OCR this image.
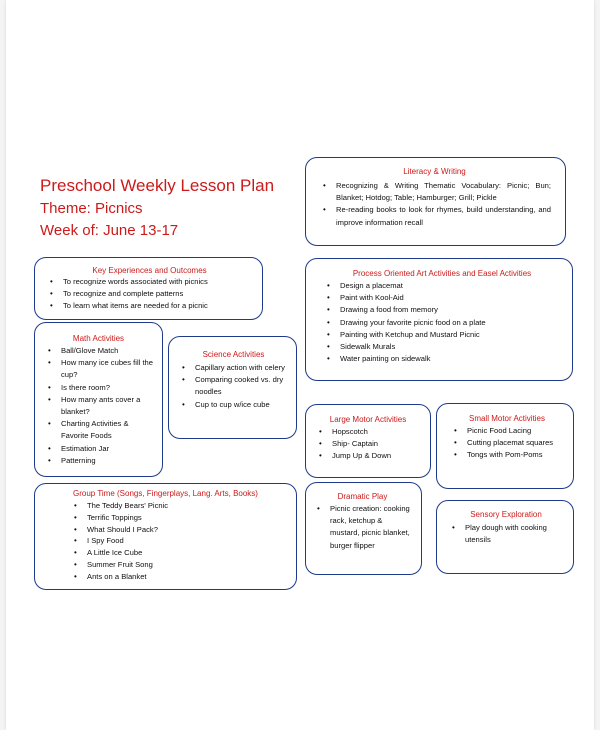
Preschool Weekly Lesson Plan
Theme: Picnics
Week of: June 13-17
Literacy & Writing
• Recognizing & Writing Thematic Vocabulary: Picnic; Bun; Blanket; Hotdog; Table; Hamburger; Grill; Pickle
• Re-reading books to look for rhymes, build understanding, and improve information recall
Key Experiences and Outcomes
• To recognize words associated with picnics
• To recognize and complete patterns
• To learn what items are needed for a picnic
Process Oriented Art Activities and Easel Activities
• Design a placemat
• Paint with Kool-Aid
• Drawing a food from memory
• Drawing your favorite picnic food on a plate
• Painting with Ketchup and Mustard Picnic
• Sidewalk Murals
• Water painting on sidewalk
Math Activities
• Ball/Glove Match
• How many ice cubes fill the cup?
• Is there room?
• How many ants cover a blanket?
• Charting Activities & Favorite Foods
• Estimation Jar
• Patterning
Science Activities
• Capillary action with celery
• Comparing cooked vs. dry noodles
• Cup to cup w/ice cube
Large Motor Activities
• Hopscotch
• Ship- Captain
• Jump Up & Down
Small Motor Activities
• Picnic Food Lacing
• Cutting placemat squares
• Tongs with Pom-Poms
Group Time (Songs, Fingerplays, Lang. Arts, Books)
• The Teddy Bears' Picnic
• Terrific Toppings
• What Should I Pack?
• I Spy Food
• A Little Ice Cube
• Summer Fruit Song
• Ants on a Blanket
Dramatic Play
• Picnic creation: cooking rack, ketchup & mustard, picnic blanket, burger flipper
Sensory Exploration
• Play dough with cooking utensils
